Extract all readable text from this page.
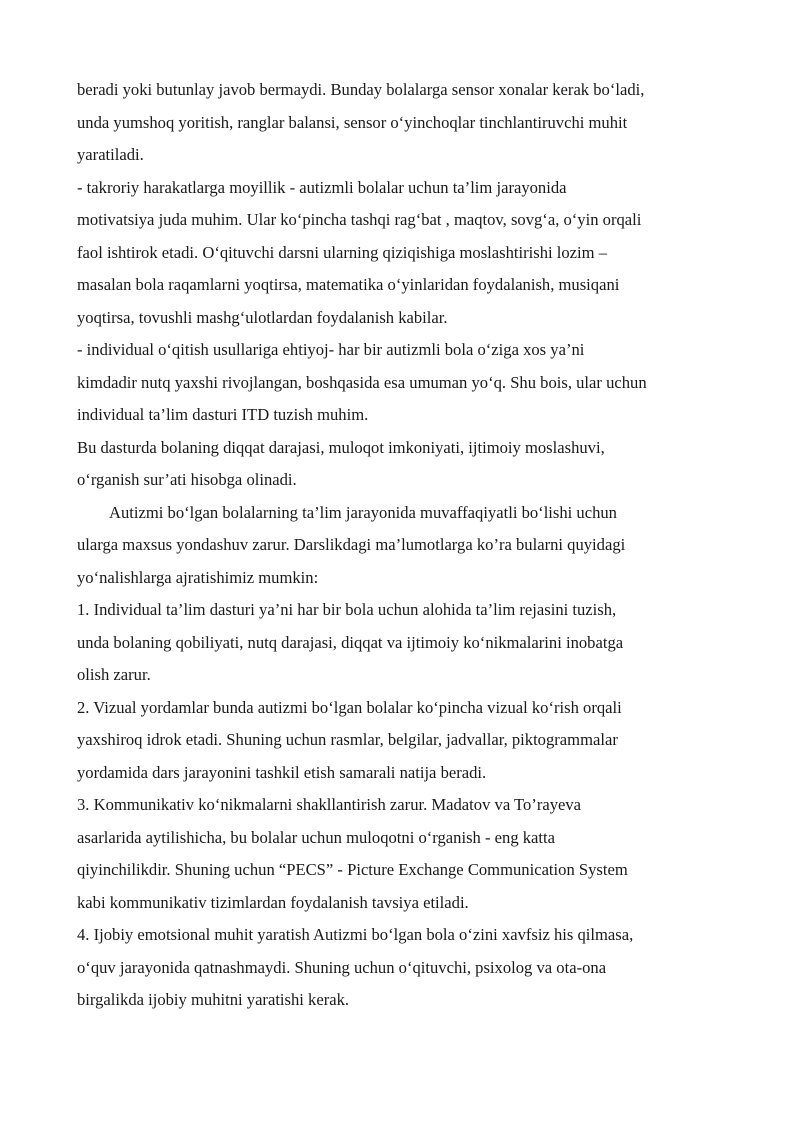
beradi yoki butunlay javob bermaydi. Bunday bolalarga sensor xonalar kerak bo‘ladi,
unda yumshoq yoritish, ranglar balansi, sensor o‘yinchoqlar tinchlantiruvchi muhit
yaratiladi.
- takroriy harakatlarga moyillik - autizmli bolalar uchun ta’lim jarayonida
motivatsiya juda muhim. Ular ko‘pincha tashqi rag‘bat , maqtov, sovg‘a, o‘yin orqali
faol ishtirok etadi. O‘qituvchi darsni ularning qiziqishiga moslashtirishi lozim –
masalan bola raqamlarni yoqtirsa, matematika o‘yinlaridan foydalanish, musiqani
yoqtirsa, tovushli mashg‘ulotlardan foydalanish kabilar.
- individual o‘qitish usullariga ehtiyoj- har bir autizmli bola o‘ziga xos ya’ni
kimdadir nutq yaxshi rivojlangan, boshqasida esa umuman yo‘q. Shu bois, ular uchun
individual ta’lim dasturi ITD tuzish muhim.
Bu dasturda bolaning diqqat darajasi, muloqot imkoniyati, ijtimoiy moslashuvi,
o‘rganish sur’ati hisobga olinadi.
Autizmi bo‘lgan bolalarning ta’lim jarayonida muvaffaqiyatli bo‘lishi uchun
ularga maxsus yondashuv zarur. Darslikdagi ma’lumotlarga ko’ra bularni quyidagi
yo‘nalishlarga ajratishimiz mumkin:
1. Individual ta’lim dasturi ya’ni har bir bola uchun alohida ta’lim rejasini tuzish,
unda bolaning qobiliyati, nutq darajasi, diqqat va ijtimoiy ko‘nikmalarini inobatga
olish zarur.
2. Vizual yordamlar bunda autizmi bo‘lgan bolalar ko‘pincha vizual ko‘rish orqali
yaxshiroq idrok etadi. Shuning uchun rasmlar, belgilar, jadvallar, piktogrammalar
yordamida dars jarayonini tashkil etish samarali natija beradi.
3. Kommunikativ ko‘nikmalarni shakllantirish zarur. Madatov va To’rayeva
asarlarida aytilishicha, bu bolalar uchun muloqotni o‘rganish - eng katta
qiyinchilikdir. Shuning uchun “PECS” - Picture Exchange Communication System
kabi kommunikativ tizimlardan foydalanish tavsiya etiladi.
4. Ijobiy emotsional muhit yaratish Autizmi bo‘lgan bola o‘zini xavfsiz his qilmasa,
o‘quv jarayonida qatnashmaydi. Shuning uchun o‘qituvchi, psixolog va ota-ona
birgalikda ijobiy muhitni yaratishi kerak.
